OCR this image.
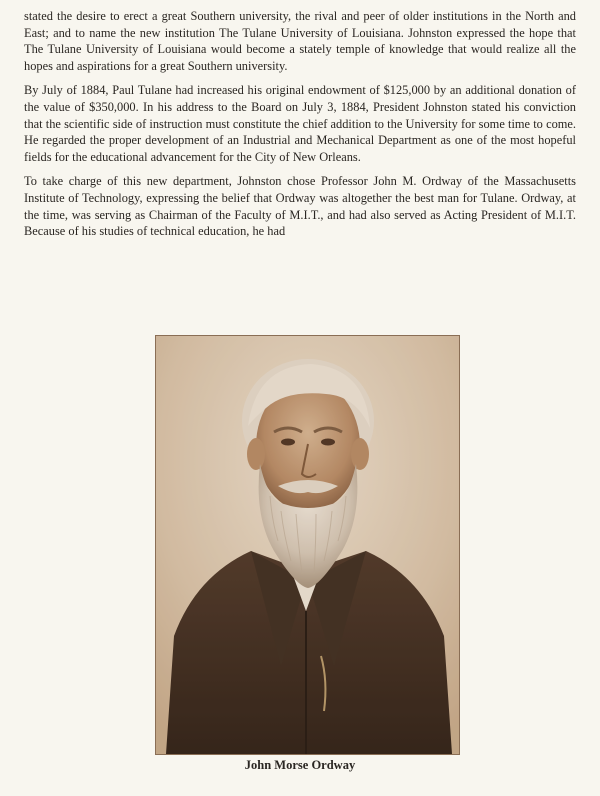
stated the desire to erect a great Southern university, the rival and peer of older institutions in the North and East; and to name the new institution The Tulane University of Louisiana. Johnston expressed the hope that The Tulane University of Louisiana would become a stately temple of knowledge that would realize all the hopes and aspirations for a great Southern university.

By July of 1884, Paul Tulane had increased his original endowment of $125,000 by an additional donation of the value of $350,000. In his address to the Board on July 3, 1884, President Johnston stated his conviction that the scientific side of instruction must constitute the chief addition to the University for some time to come. He regarded the proper development of an Industrial and Mechanical Department as one of the most hopeful fields for the educational advancement for the City of New Orleans.

To take charge of this new department, Johnston chose Professor John M. Ordway of the Massachusetts Institute of Technology, expressing the belief that Ordway was altogether the best man for Tulane. Ordway, at the time, was serving as Chairman of the Faculty of M.I.T., and had also served as Acting President of M.I.T. Because of his studies of technical education, he had

John Morse Ordway
